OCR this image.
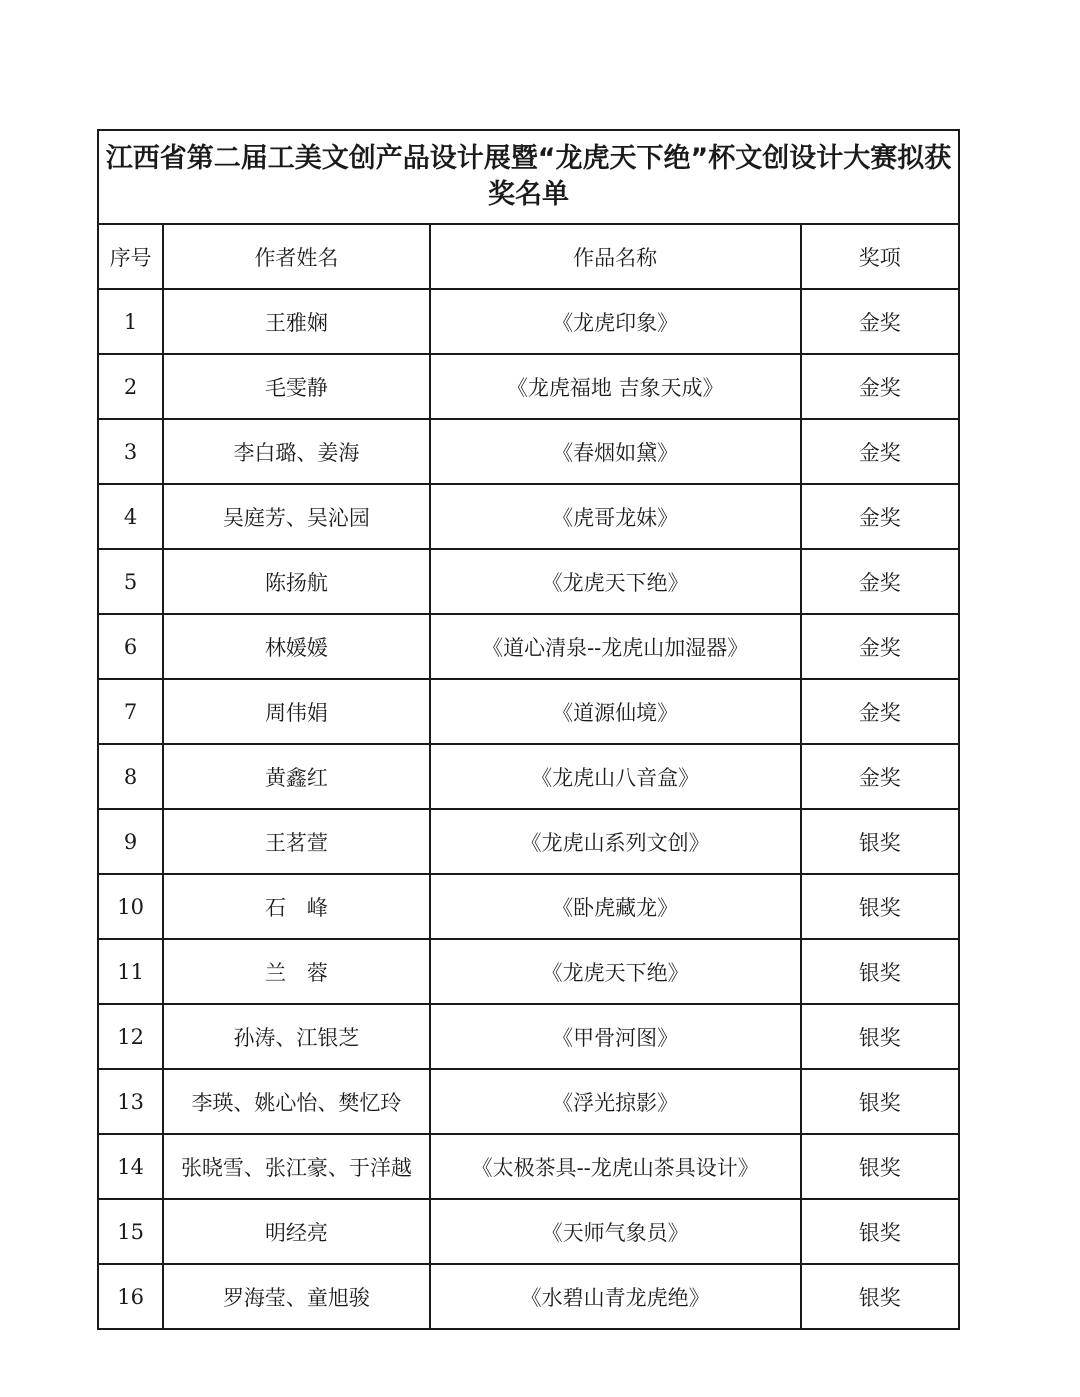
江西省第二届工美文创产品设计展暨“龙虎天下绝”杯文创设计大赛拟获奖名单			
序号	作者姓名	作品名称	奖项
1	王雅娴	《龙虎印象》	金奖
2	毛雯静	《龙虎福地 吉象天成》	金奖
3	李白璐、姜海	《春烟如黛》	金奖
4	吴庭芳、吴沁园	《虎哥龙妹》	金奖
5	陈扬航	《龙虎天下绝》	金奖
6	林媛媛	《道心清泉--龙虎山加湿器》	金奖
7	周伟娟	《道源仙境》	金奖
8	黄鑫红	《龙虎山八音盒》	金奖
9	王茗萱	《龙虎山系列文创》	银奖
10	石　峰	《卧虎藏龙》	银奖
11	兰　蓉	《龙虎天下绝》	银奖
12	孙涛、江银芝	《甲骨河图》	银奖
13	李瑛、姚心怡、樊忆玲	《浮光掠影》	银奖
14	张晓雪、张江豪、于洋越	《太极茶具--龙虎山茶具设计》	银奖
15	明经亮	《天师气象员》	银奖
16	罗海莹、童旭骏	《水碧山青龙虎绝》	银奖
